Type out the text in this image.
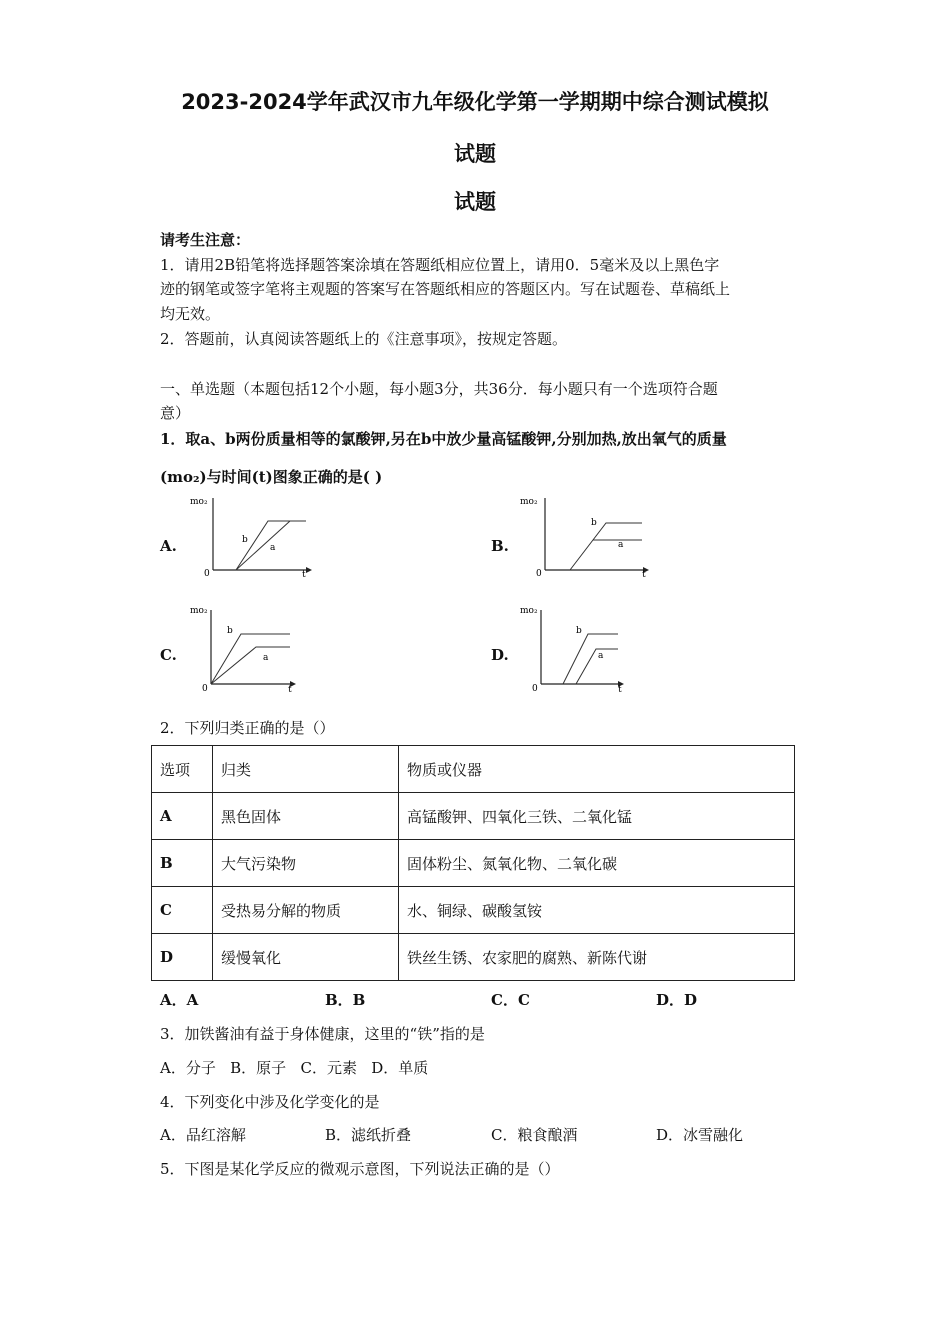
2023-2024学年武汉市九年级化学第一学期期中综合测试模拟
试题
试题
请考生注意：
1．请用2B铅笔将选择题答案涂填在答题纸相应位置上，请用0．5毫米及以上黑色字
迹的钢笔或签字笔将主观题的答案写在答题纸相应的答题区内。写在试题卷、草稿纸上
均无效。
2．答题前，认真阅读答题纸上的《注意事项》，按规定答题。
一、单选题（本题包括12个小题，每小题3分，共36分．每小题只有一个选项符合题
意）
1．取a、b两份质量相等的氯酸钾,另在b中放少量高锰酸钾,分别加热,放出氧气的质量
(mo₂)与时间(t)图象正确的是( )
A.	B.
C.	D.
mo₂
0	t
b
a
mo₂
0	t
b
a
mo₂
0	t
b
a
mo₂
0	t
b
a
2．下列归类正确的是（）
选项	归类	物质或仪器
A	黑色固体	高锰酸钾、四氧化三铁、二氧化锰
B	大气污染物	固体粉尘、氮氧化物、二氧化碳
C	受热易分解的物质	水、铜绿、碳酸氢铵
D	缓慢氧化	铁丝生锈、农家肥的腐熟、新陈代谢
A．A	B．B	C．C	D．D
3．加铁酱油有益于身体健康，这里的“铁”指的是
A．分子   B．原子   C．元素   D．单质
4．下列变化中涉及化学变化的是
A．品红溶解	B．滤纸折叠	C．粮食酿酒	D．冰雪融化
5．下图是某化学反应的微观示意图，下列说法正确的是（）
